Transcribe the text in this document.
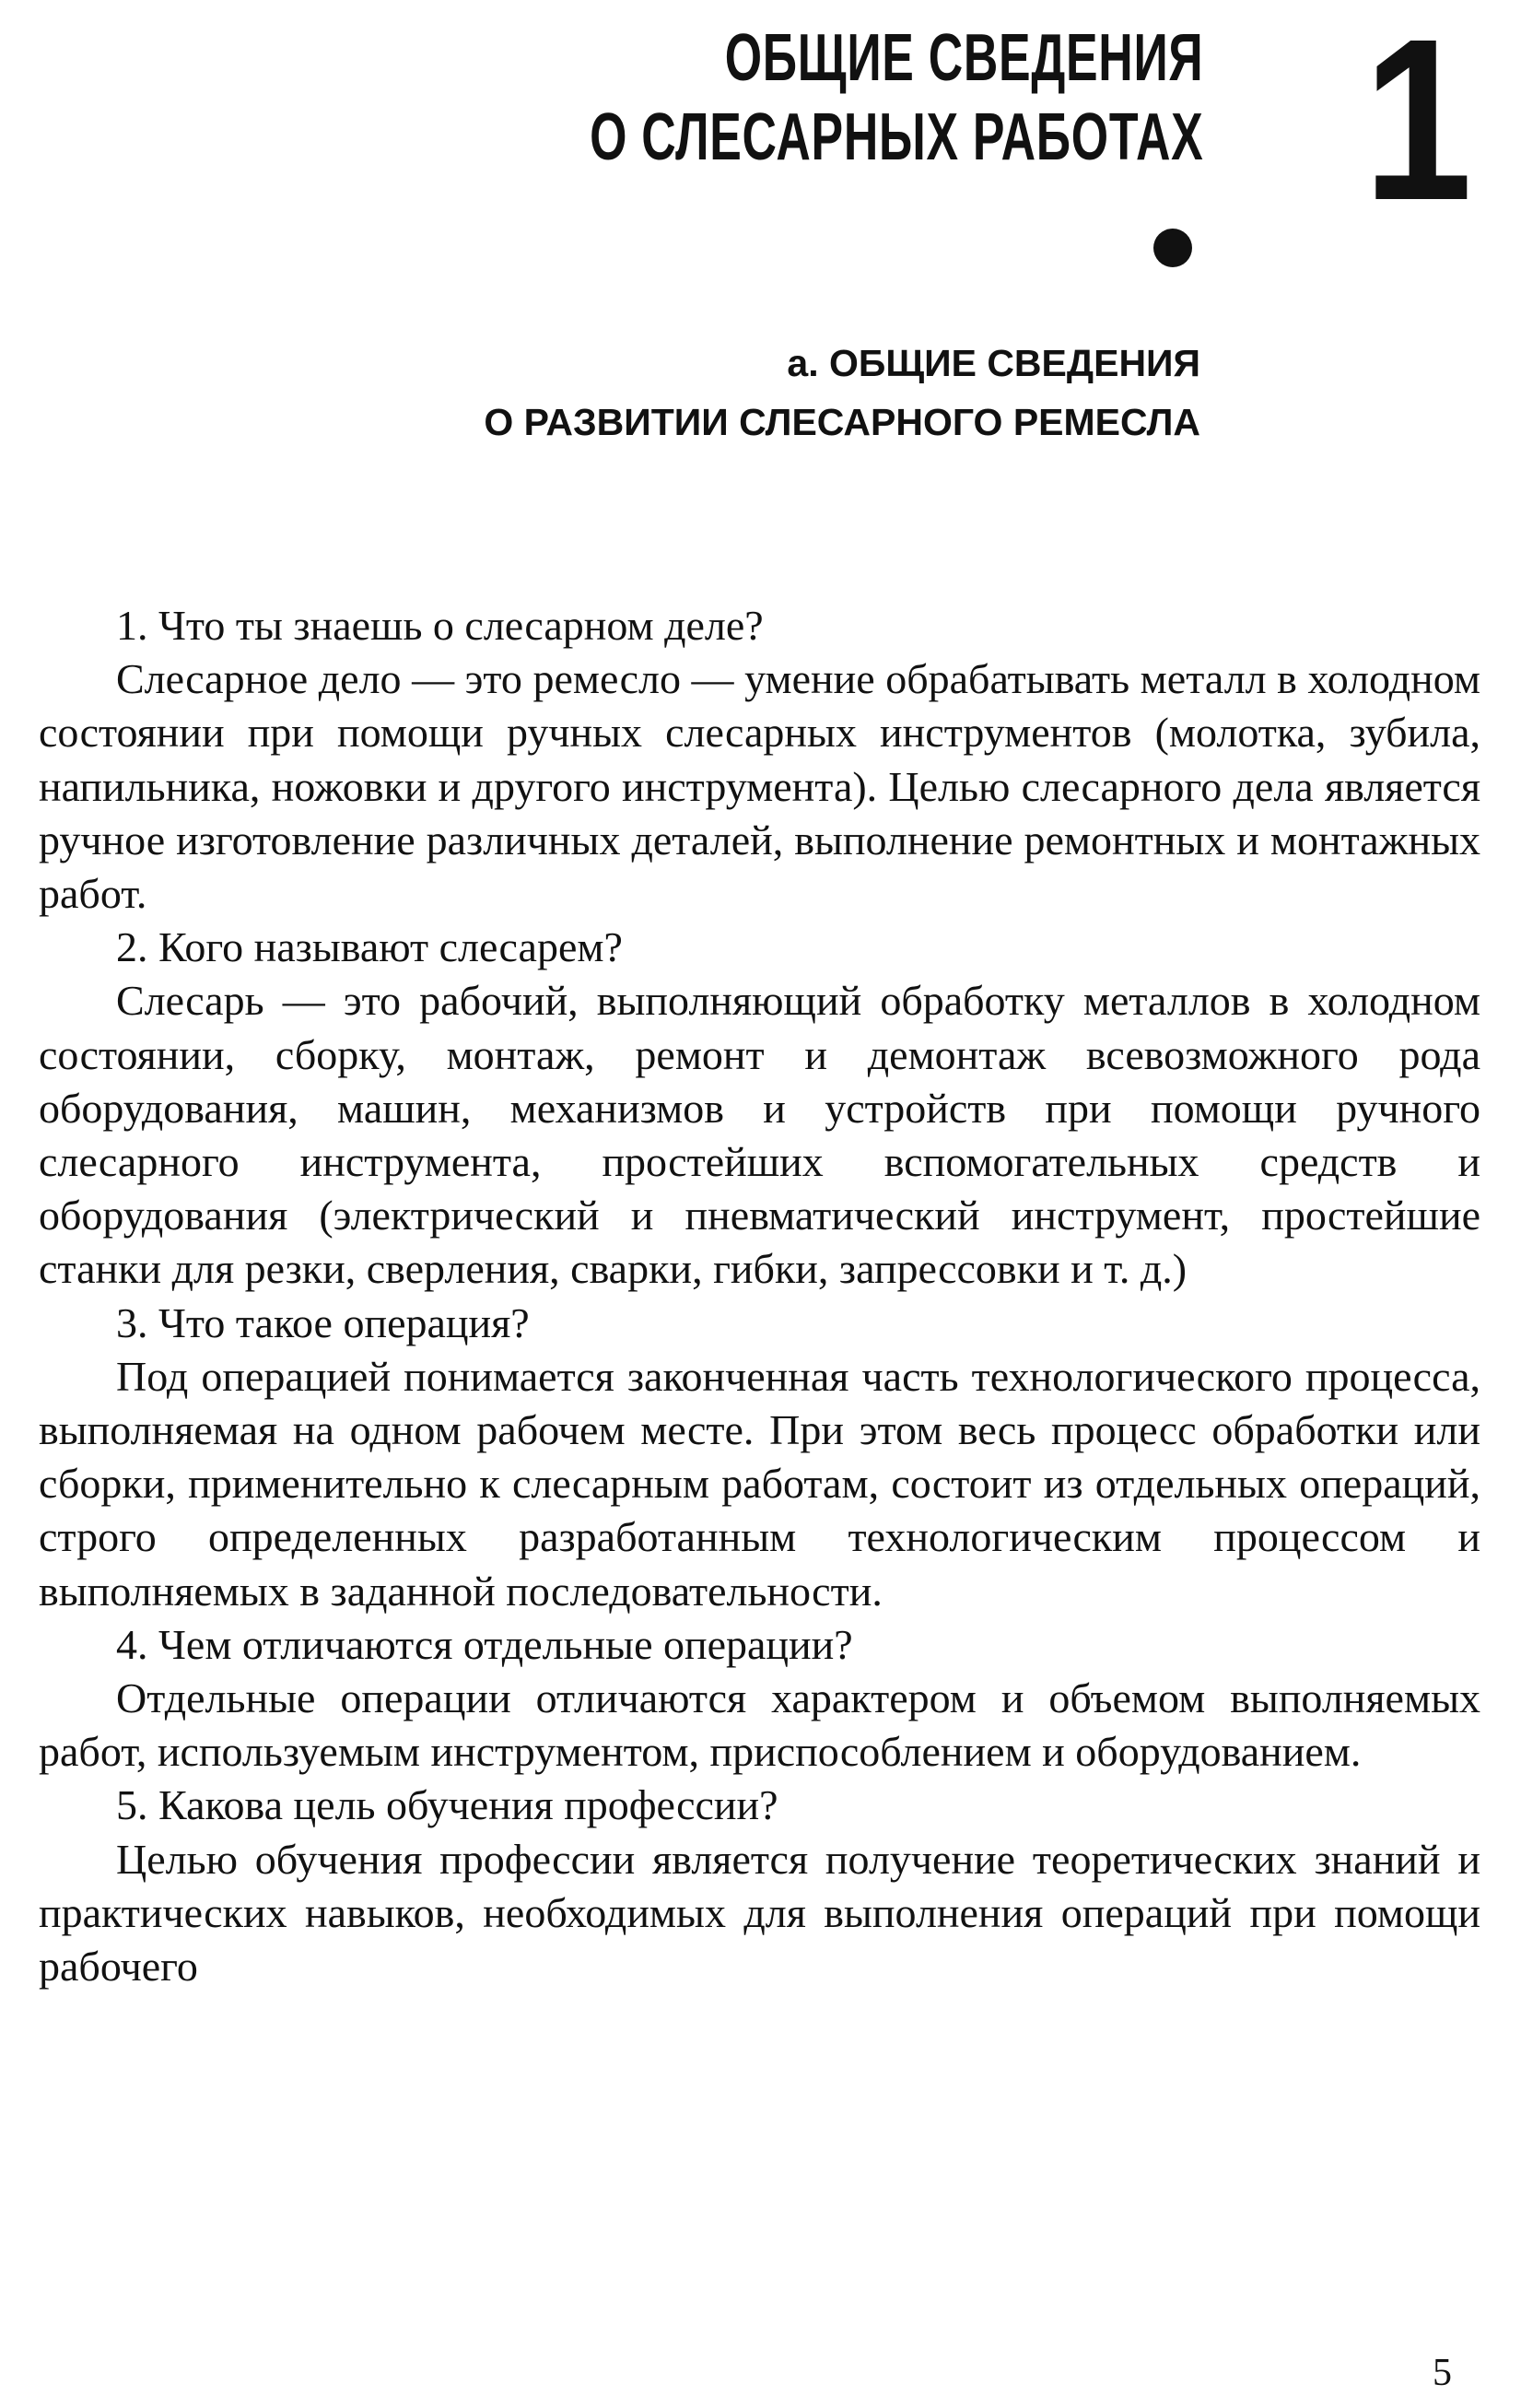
ОБЩИЕ СВЕДЕНИЯ
О СЛЕСАРНЫХ РАБОТАХ 1
а. ОБЩИЕ СВЕДЕНИЯ
О РАЗВИТИИ СЛЕСАРНОГО РЕМЕСЛА

1. Что ты знаешь о слесарном деле?

Слесарное дело — это ремесло — умение обрабатывать металл в холодном состоянии при помощи ручных слесарных инструментов (молотка, зубила, напильника, ножовки и другого инструмента). Целью слесарного дела является ручное изготовление различных деталей, выполнение ремонтных и монтажных работ.

2. Кого называют слесарем?

Слесарь — это рабочий, выполняющий обработку металлов в холодном состоянии, сборку, монтаж, ремонт и демонтаж всевозможного рода оборудования, машин, механизмов и устройств при помощи ручного слесарного инструмента, простейших вспомогательных средств и оборудования (электрический и пневматический инструмент, простейшие станки для резки, сверления, сварки, гибки, запрессовки и т. д.)

3. Что такое операция?

Под операцией понимается законченная часть технологического процесса, выполняемая на одном рабочем месте. При этом весь процесс обработки или сборки, применительно к слесарным работам, состоит из отдельных операций, строго определенных разработанным технологическим процессом и выполняемых в заданной последовательности.

4. Чем отличаются отдельные операции?

Отдельные операции отличаются характером и объемом выполняемых работ, используемым инструментом, приспособлением и оборудованием.

5. Какова цель обучения профессии?

Целью обучения профессии является получение теоретических знаний и практических навыков, необходимых для выполнения операций при помощи рабочего

5
